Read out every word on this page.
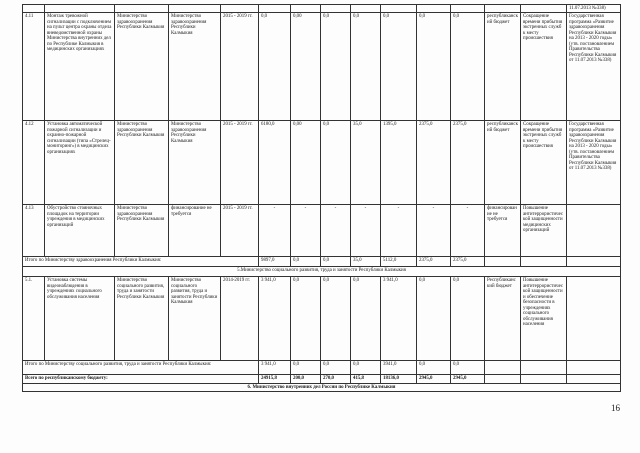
														11.07.2013 №338)
4.11	Монтаж тревожной сигнализации с подключением на пульт центра охраны отдела вневедомственной охраны Министерства внутренних дел по Республике Калмыкия в медицинских организациях	Министерство здравоохранения Республики Калмыкия	Министерство здравоохранения Республики Калмыкия	2015 - 2019 гг.	0,0	0,00	0,0	0,0	0,0	0,0	0,0	республиканский бюджет	Сокращение времени прибытия экстренных служб к месту происшествия	Государственная программа «Развитие здравоохранения Республики Калмыкия на 2013 - 2020 годы» (утв. постановлением Правительства Республики Калмыкия от 11.07.2013 №338)
4.12	Установка автоматической пожарной сигнализации и охранно-пожарной сигнализации (типа «Стрелец-мониторинг») в медицинских организациях	Министерство здравоохранения Республики Калмыкия	Министерство здравоохранения Республики Калмыкия	2015 - 2019 гг.	6180,0	0,00	0,0	35,0	1395,0	2375,0	2375,0	республиканский бюджет	Сокращение времени прибытия экстренных служб к месту происшествия	Государственная программа «Развитие здравоохранения Республики Калмыкия на 2013 - 2020 годы» (утв. постановлением Правительства Республики Калмыкия от 11.07.2013 №338)
4.13	Обустройство стояночных площадок на территории учреждения в медицинских организаций	Министерство здравоохранения Республики Калмыкия	финансирование не требуется	2015 - 2019 гг.	-	-	-	-	-	-	-	финансирование не требуется	Повышение антитеррористической защищенности медицинских организаций	
Итого по Министерству здравоохранения Республики Калмыкия:					9897,0	0,0	0,0	35,0	5112,0	2375,0	2375,0			
5.Министерство социального развития, труда и занятости Республики Калмыкия														
5.1.	Установка системы видеонаблюдения в учреждениях социального обслуживания населения	Министерство социального развития, труда и занятости Республики Калмыкия	Министерство социального развития, труда и занятости Республики Калмыкия	2014-2019 гг.	3 941,0	0,0	0,0	0,0	3 941,0	0,0	0,0	Республиканский бюджет	Повышение антитеррористической защищенности и обеспечение безопасности в учреждениях социального обслуживания населения	
Итого по Министерству социального развития, труда и занятости Республики Калмыкия:					3 941,0	0,0	0,0	0,0	3941,0	0,0	0,0			
Всего по республиканскому бюджету:					24915,8	200,0	270,0	415,8	18136,0	2945,0	2945,0			
6. Министерство внутренних дел России по Республике Калмыкия														
16
